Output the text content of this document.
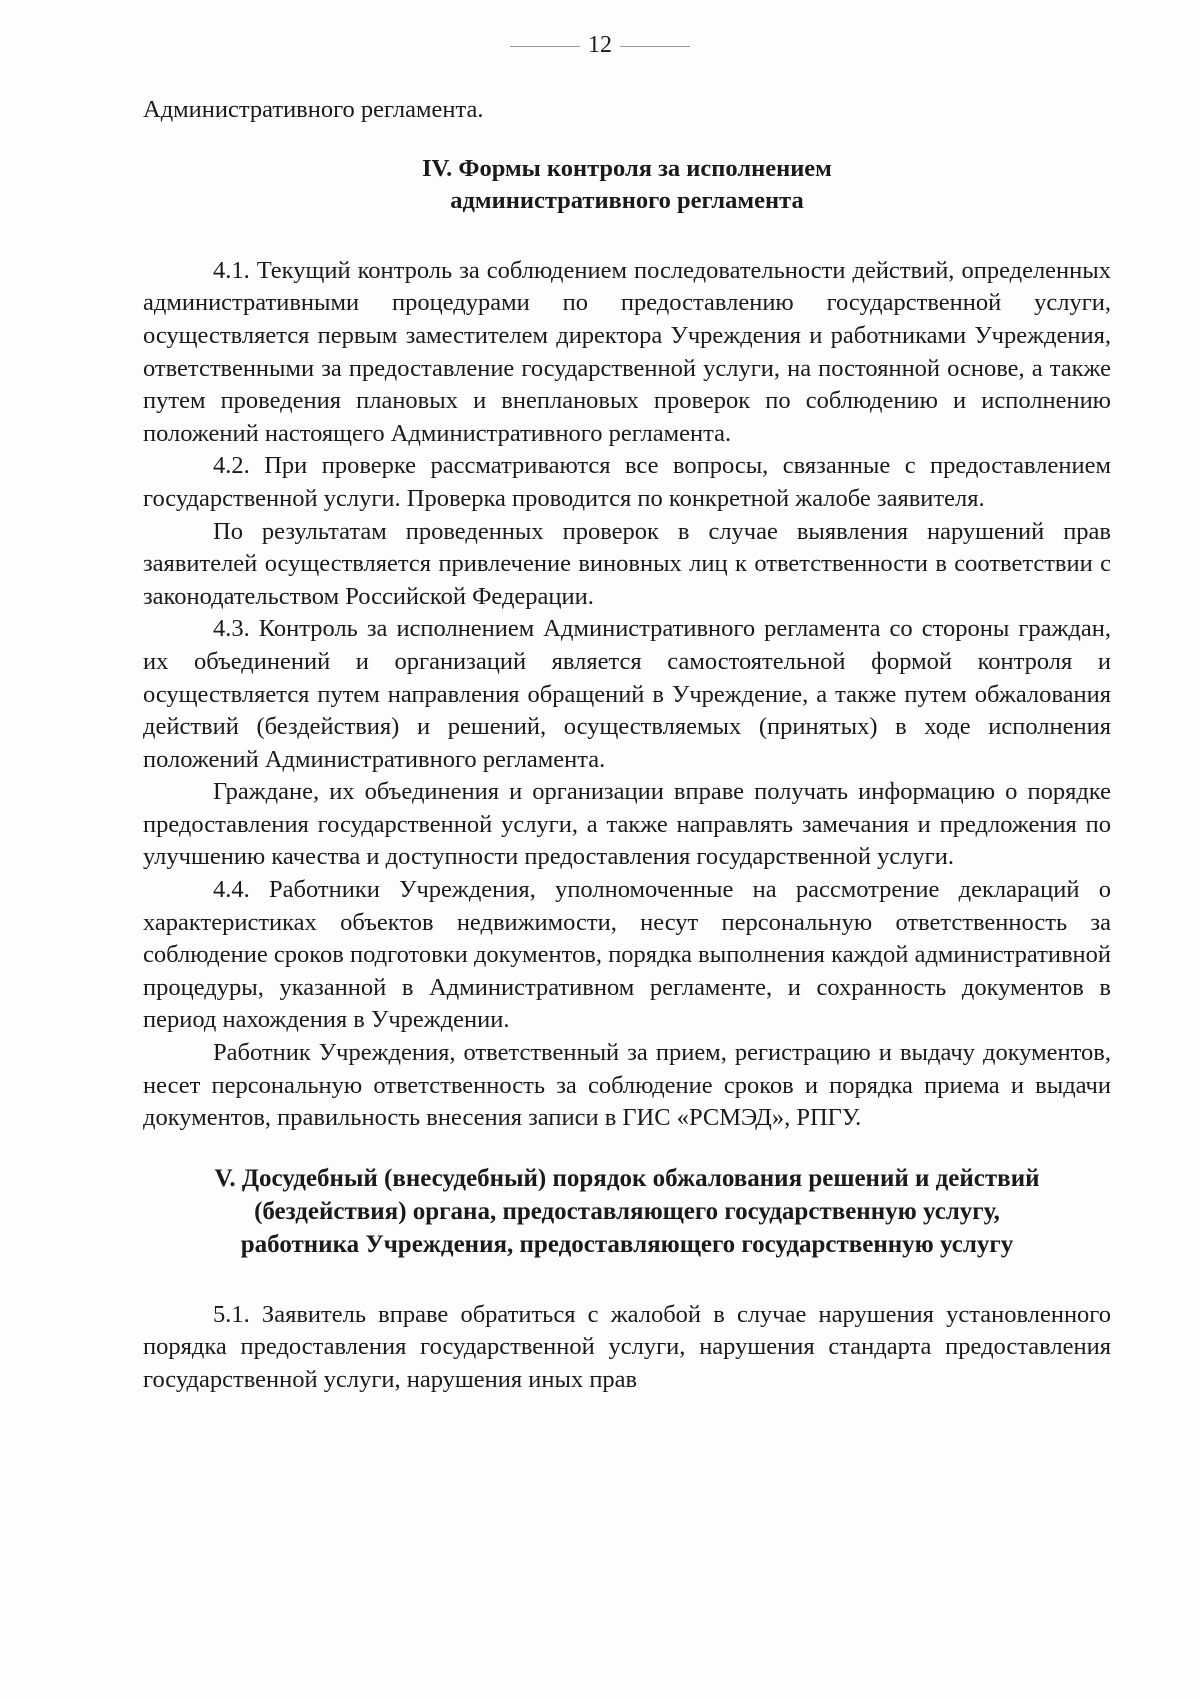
12

Административного регламента.

IV. Формы контроля за исполнением
административного регламента

4.1. Текущий контроль за соблюдением последовательности действий, определенных административными процедурами по предоставлению государственной услуги, осуществляется первым заместителем директора Учреждения и работниками Учреждения, ответственными за предоставление государственной услуги, на постоянной основе, а также путем проведения плановых и внеплановых проверок по соблюдению и исполнению положений настоящего Административного регламента.

4.2. При проверке рассматриваются все вопросы, связанные с предоставлением государственной услуги. Проверка проводится по конкретной жалобе заявителя.

По результатам проведенных проверок в случае выявления нарушений прав заявителей осуществляется привлечение виновных лиц к ответственности в соответствии с законодательством Российской Федерации.

4.3. Контроль за исполнением Административного регламента со стороны граждан, их объединений и организаций является самостоятельной формой контроля и осуществляется путем направления обращений в Учреждение, а также путем обжалования действий (бездействия) и решений, осуществляемых (принятых) в ходе исполнения положений Административного регламента.

Граждане, их объединения и организации вправе получать информацию о порядке предоставления государственной услуги, а также направлять замечания и предложения по улучшению качества и доступности предоставления государственной услуги.

4.4. Работники Учреждения, уполномоченные на рассмотрение деклараций о характеристиках объектов недвижимости, несут персональную ответственность за соблюдение сроков подготовки документов, порядка выполнения каждой административной процедуры, указанной в Административном регламенте, и сохранность документов в период нахождения в Учреждении.

Работник Учреждения, ответственный за прием, регистрацию и выдачу документов, несет персональную ответственность за соблюдение сроков и порядка приема и выдачи документов, правильность внесения записи в ГИС «РСМЭД», РПГУ.

V. Досудебный (внесудебный) порядок обжалования решений и действий
(бездействия) органа, предоставляющего государственную услугу,
работника Учреждения, предоставляющего государственную услугу

5.1. Заявитель вправе обратиться с жалобой в случае нарушения установленного порядка предоставления государственной услуги, нарушения стандарта предоставления государственной услуги, нарушения иных прав
